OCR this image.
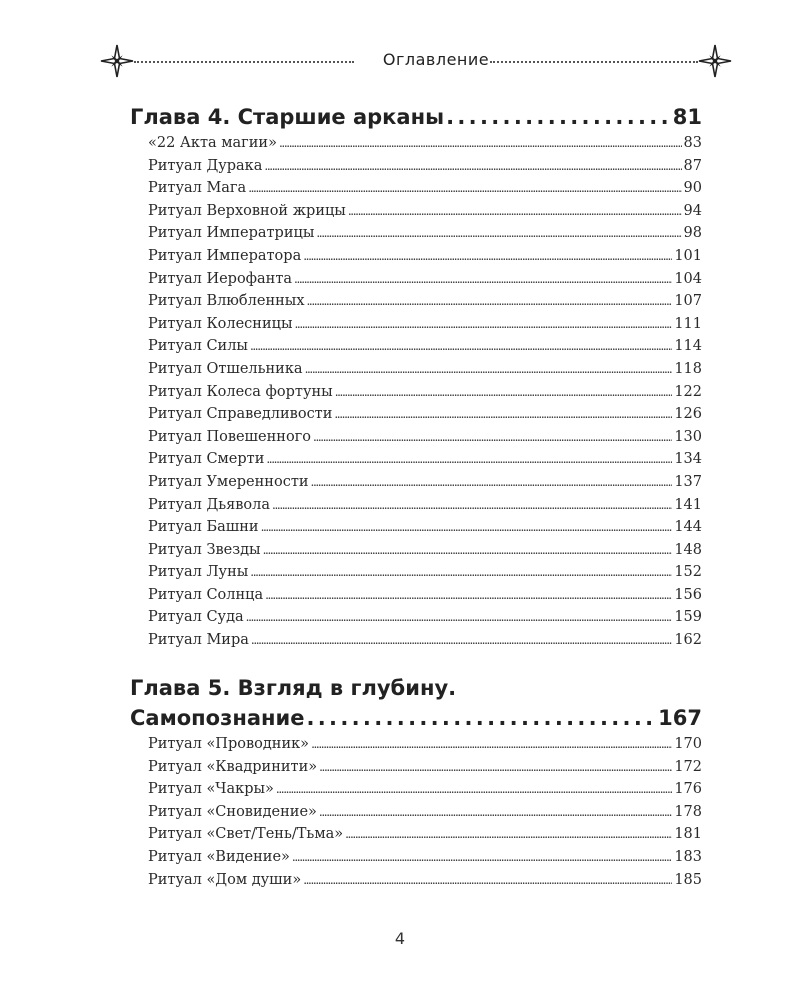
Оглавление
Глава 4. Старшие арканы . . .	81
«22 Акта магии» . . .	83
Ритуал Дурака . . .	87
Ритуал Мага . . .	90
Ритуал Верховной жрицы . . .	94
Ритуал Императрицы . . .	98
Ритуал Императора . . .	101
Ритуал Иерофанта . . .	104
Ритуал Влюбленных . . .	107
Ритуал Колесницы . . .	111
Ритуал Силы . . .	114
Ритуал Отшельника . . .	118
Ритуал Колеса фортуны . . .	122
Ритуал Справедливости . . .	126
Ритуал Повешенного . . .	130
Ритуал Смерти . . .	134
Ритуал Умеренности . . .	137
Ритуал Дьявола . . .	141
Ритуал Башни . . .	144
Ритуал Звезды . . .	148
Ритуал Луны . . .	152
Ритуал Солнца . . .	156
Ритуал Суда . . .	159
Ритуал Мира . . .	162
Глава 5. Взгляд в глубину.
Самопознание . . .	167
Ритуал «Проводник» . . .	170
Ритуал «Квадринити» . . .	172
Ритуал «Чакры» . . .	176
Ритуал «Сновидение» . . .	178
Ритуал «Свет/Тень/Тьма» . . .	181
Ритуал «Видение» . . .	183
Ритуал «Дом души» . . .	185
4
